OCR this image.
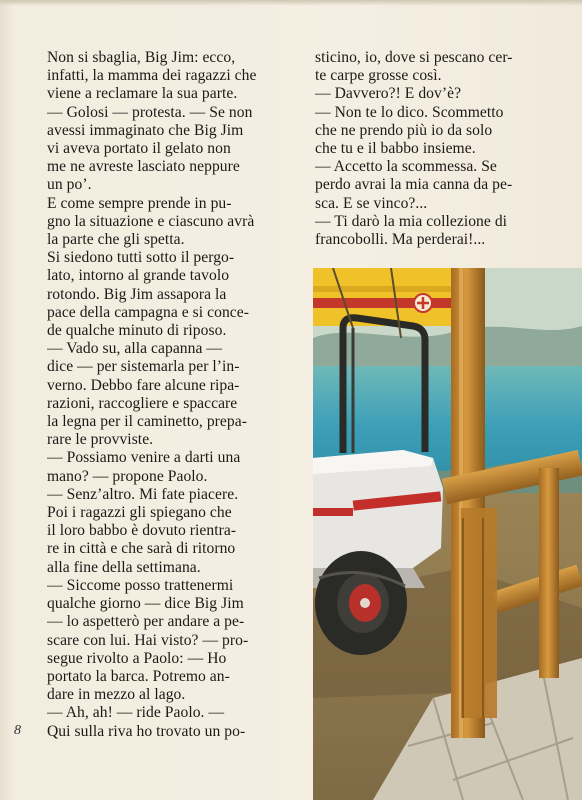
Non si sbaglia, Big Jim: ecco,
infatti, la mamma dei ragazzi che
viene a reclamare la sua parte.
— Golosi — protesta. — Se non
avessi immaginato che Big Jim
vi aveva portato il gelato non
me ne avreste lasciato neppure
un po’.
E come sempre prende in pu-
gno la situazione e ciascuno avrà
la parte che gli spetta.
Si siedono tutti sotto il pergo-
lato, intorno al grande tavolo
rotondo. Big Jim assapora la
pace della campagna e si conce-
de qualche minuto di riposo.
— Vado su, alla capanna —
dice — per sistemarla per l’in-
verno. Debbo fare alcune ripa-
razioni, raccogliere e spaccare
la legna per il caminetto, prepa-
rare le provviste.
— Possiamo venire a darti una
mano? — propone Paolo.
— Senz’altro. Mi fate piacere.
Poi i ragazzi gli spiegano che
il loro babbo è dovuto rientra-
re in città e che sarà di ritorno
alla fine della settimana.
— Siccome posso trattenermi
qualche giorno — dice Big Jim
— lo aspetterò per andare a pe-
scare con lui. Hai visto? — pro-
segue rivolto a Paolo: — Ho
portato la barca. Potremo an-
dare in mezzo al lago.
— Ah, ah! — ride Paolo. —
Qui sulla riva ho trovato un po-
sticino, io, dove si pescano cer-
te carpe grosse così.
— Davvero?! E dov’è?
— Non te lo dico. Scommetto
che ne prendo più io da solo
che tu e il babbo insieme.
— Accetto la scommessa. Se
perdo avrai la mia canna da pe-
sca. E se vinco?...
— Ti darò la mia collezione di
francobolli. Ma perderai!...
8
